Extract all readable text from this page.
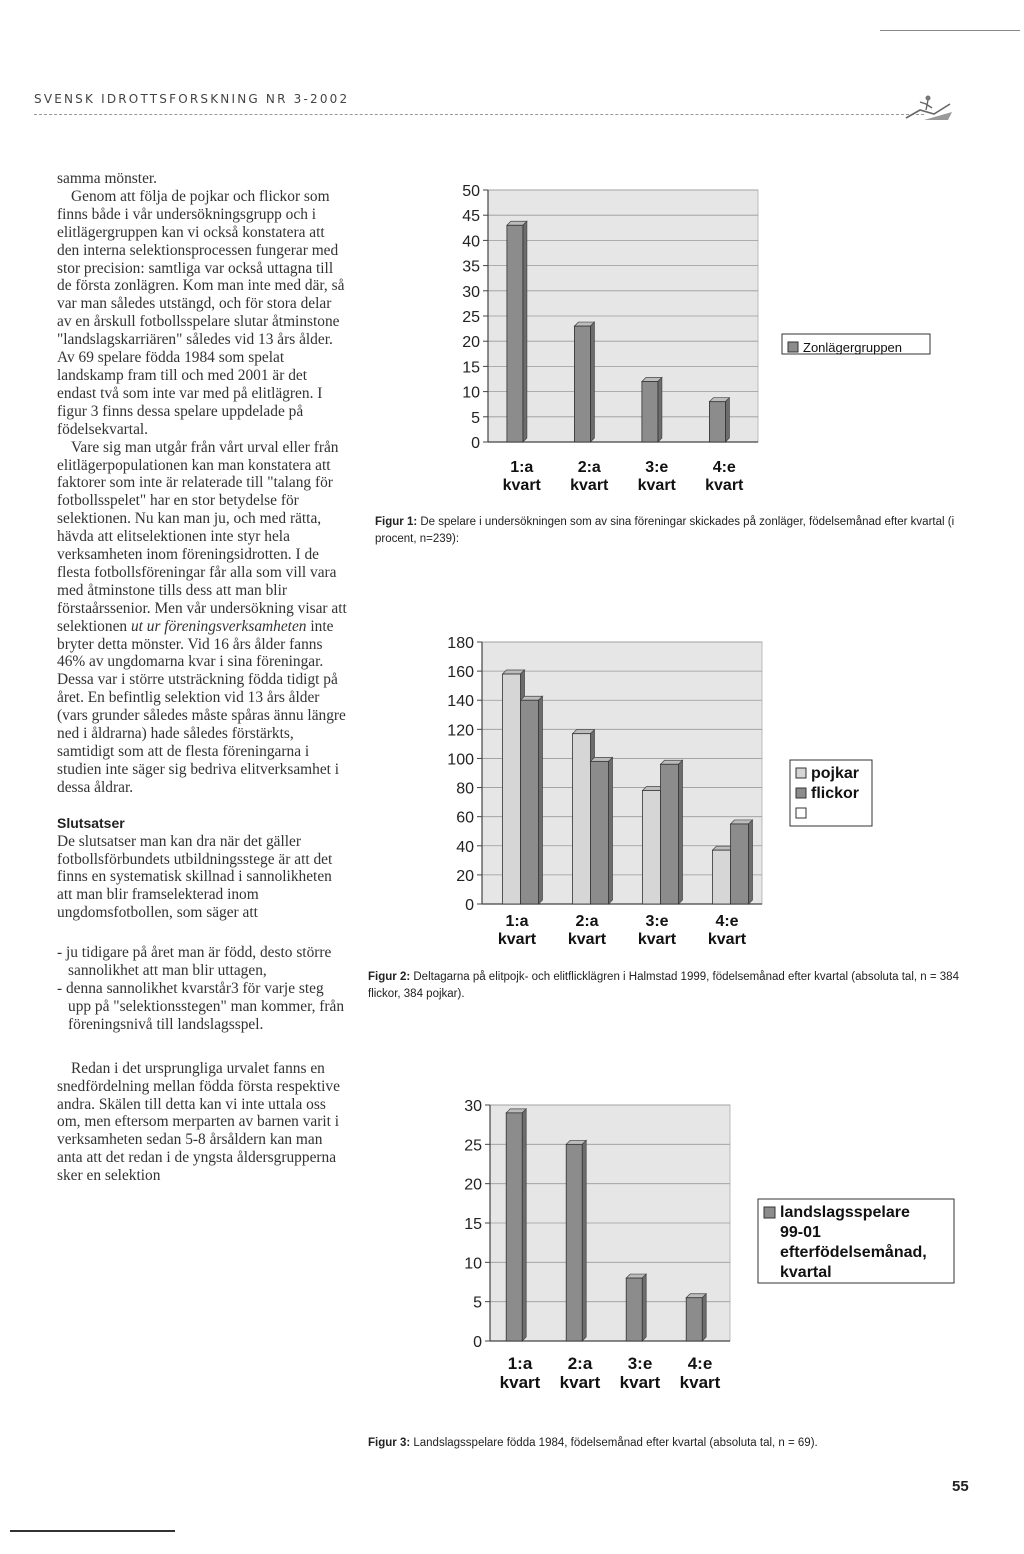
SVENSK IDROTTSFORSKNING NR 3-2002

samma mönster.

Genom att följa de pojkar och flickor som finns både i vår undersökningsgrupp och i elitlägergruppen kan vi också konstatera att den interna selektionsprocessen fungerar med stor precision: samtliga var också uttagna till de första zonlägren. Kom man inte med där, så var man således utstängd, och för stora delar av en årskull fotbollsspelare slutar åtminstone "landslagskarriären" således vid 13 års ålder. Av 69 spelare födda 1984 som spelat landskamp fram till och med 2001 är det endast två som inte var med på elitlägren. I figur 3 finns dessa spelare uppdelade på födelsekvartal.

Vare sig man utgår från vårt urval eller från elitlägerpopulationen kan man konstatera att faktorer som inte är relaterade till "talang för fotbollsspelet" har en stor betydelse för selektionen. Nu kan man ju, och med rätta, hävda att elitselektionen inte styr hela verksamheten inom föreningsidrotten. I de flesta fotbollsföreningar får alla som vill vara med åtminstone tills dess att man blir förstaårssenior. Men vår undersökning visar att selektionen ut ur föreningsverksamheten inte bryter detta mönster. Vid 16 års ålder fanns 46% av ungdomarna kvar i sina föreningar. Dessa var i större utsträckning födda tidigt på året. En befintlig selektion vid 13 års ålder (vars grunder således måste spåras ännu längre ned i åldrarna) hade således förstärkts, samtidigt som att de flesta föreningarna i studien inte säger sig bedriva elitverksamhet i dessa åldrar.

Slutsatser

De slutsatser man kan dra när det gäller fotbollsförbundets utbildningsstege är att det finns en systematisk skillnad i sannolikheten att man blir framselekterad inom ungdomsfotbollen, som säger att

- ju tidigare på året man är född, desto större sannolikhet att man blir uttagen,
- denna sannolikhet kvarstår3 för varje steg upp på "selektionsstegen" man kommer, från föreningsnivå till landslagsspel.

Redan i det ursprungliga urvalet fanns en snedfördelning mellan födda första respektive andra. Skälen till detta kan vi inte uttala oss om, men eftersom merparten av barnen varit i verksamheten sedan 5-8 årsåldern kan man anta att det redan i de yngsta åldersgrupperna sker en selektion

0
5
10
15
20
25
30
35
40
45
50
1:a
kvart
2:a
kvart
3:e
kvart
4:e
kvart
Zonlägergruppen
Figur 1: De spelare i undersökningen som av sina föreningar skickades på zonläger, födelsemånad efter kvartal (i procent, n=239):
0
20
40
60
80
100
120
140
160
180
1:a
kvart
2:a
kvart
3:e
kvart
4:e
kvart
pojkar
flickor
Figur 2: Deltagarna på elitpojk- och elitflicklägren i Halmstad 1999, födelsemånad efter kvartal (absoluta tal, n = 384 flickor, 384 pojkar).
0
5
10
15
20
25
30
1:a
kvart
2:a
kvart
3:e
kvart
4:e
kvart
landslagsspelare
99-01
efterfödelsemånad,
kvartal
Figur 3: Landslagsspelare födda 1984, födelsemånad efter kvartal (absoluta tal, n = 69).
55
